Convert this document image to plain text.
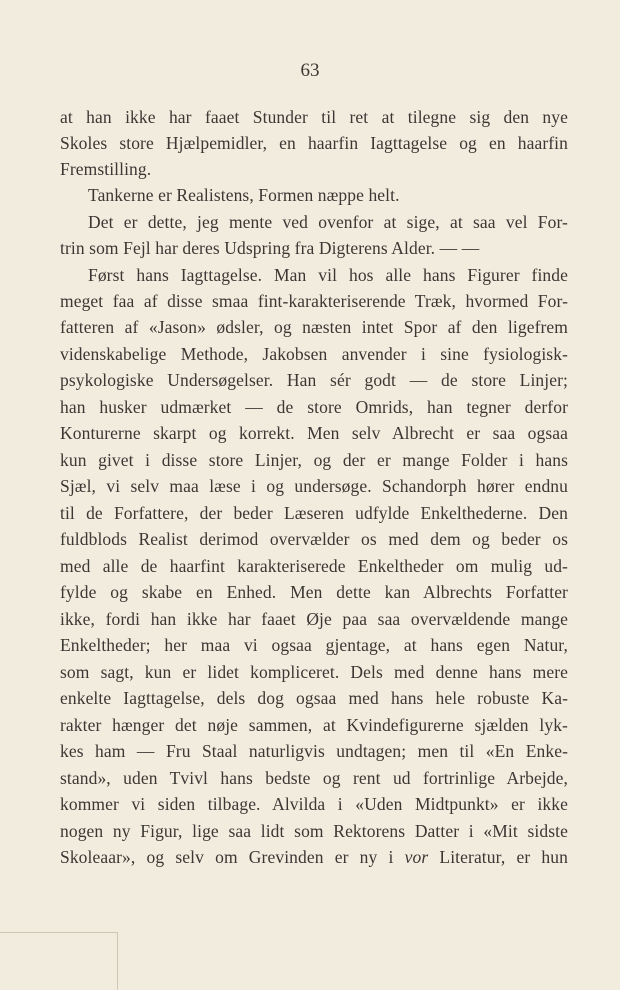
63
at han ikke har faaet Stunder til ret at tilegne sig den nye
Skoles store Hjælpemidler, en haarfin Iagttagelse og en haarfin
Fremstilling.
Tankerne er Realistens, Formen næppe helt.
Det er dette, jeg mente ved ovenfor at sige, at saa vel For-
trin som Fejl har deres Udspring fra Digterens Alder. — —
Først hans Iagttagelse. Man vil hos alle hans Figurer finde
meget faa af disse smaa fint-karakteriserende Træk, hvormed For-
fatteren af «Jason» ødsler, og næsten intet Spor af den ligefrem
videnskabelige Methode, Jakobsen anvender i sine fysiologisk-
psykologiske Undersøgelser. Han sér godt — de store Linjer;
han husker udmærket — de store Omrids, han tegner derfor
Konturerne skarpt og korrekt. Men selv Albrecht er saa ogsaa
kun givet i disse store Linjer, og der er mange Folder i hans
Sjæl, vi selv maa læse i og undersøge. Schandorph hører endnu
til de Forfattere, der beder Læseren udfylde Enkelthederne. Den
fuldblods Realist derimod overvælder os med dem og beder os
med alle de haarfint karakteriserede Enkeltheder om mulig ud-
fylde og skabe en Enhed. Men dette kan Albrechts Forfatter
ikke, fordi han ikke har faaet Øje paa saa overvældende mange
Enkeltheder; her maa vi ogsaa gjentage, at hans egen Natur,
som sagt, kun er lidet kompliceret. Dels med denne hans mere
enkelte Iagttagelse, dels dog ogsaa med hans hele robuste Ka-
rakter hænger det nøje sammen, at Kvindefigurerne sjælden lyk-
kes ham — Fru Staal naturligvis undtagen; men til «En Enke-
stand», uden Tvivl hans bedste og rent ud fortrinlige Arbejde,
kommer vi siden tilbage. Alvilda i «Uden Midtpunkt» er ikke
nogen ny Figur, lige saa lidt som Rektorens Datter i «Mit sidste
Skoleaar», og selv om Grevinden er ny i vor Literatur, er hun
